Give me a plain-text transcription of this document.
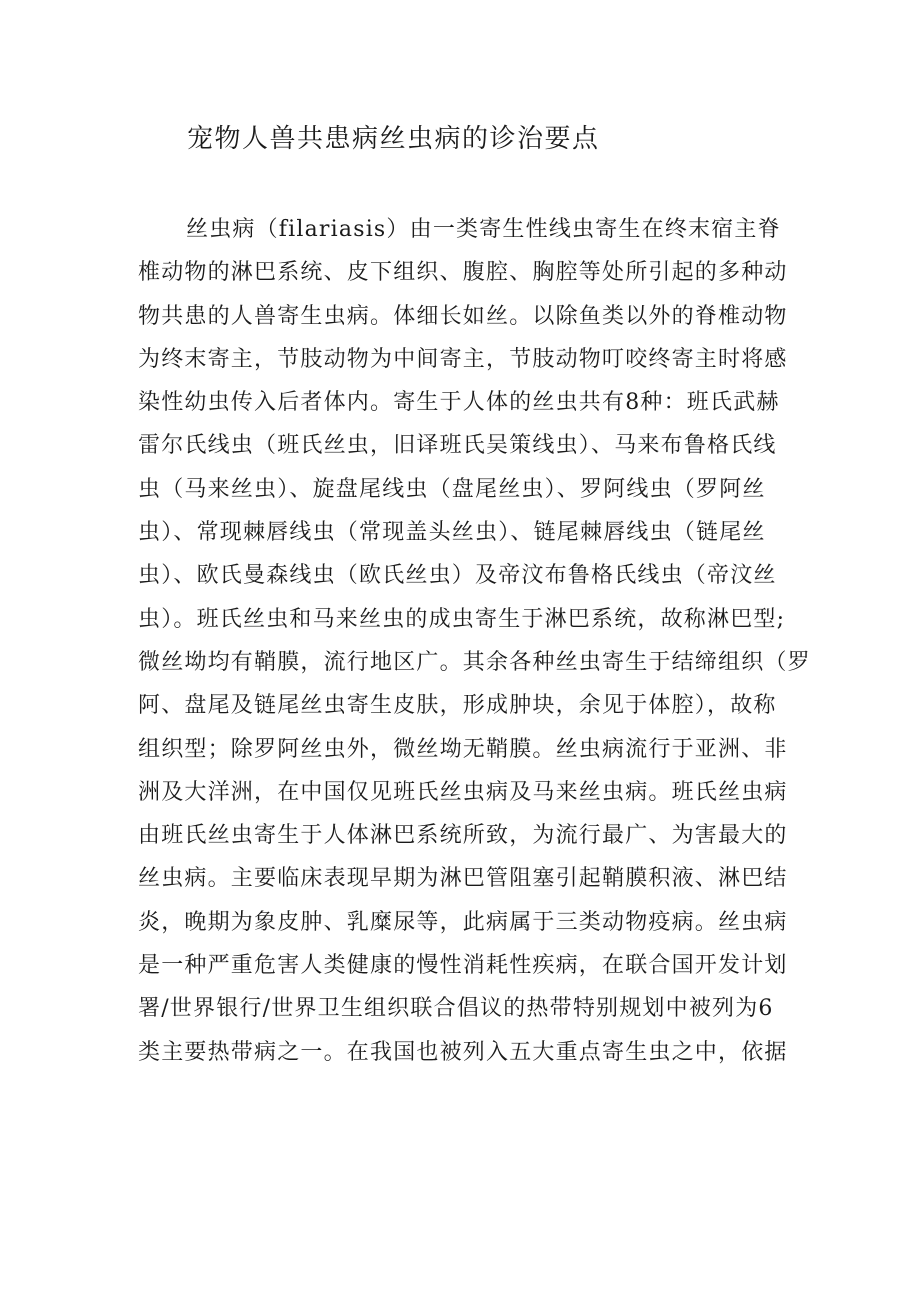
宠物人兽共患病丝虫病的诊治要点
丝虫病（filariasis）由一类寄生性线虫寄生在终末宿主脊
椎动物的淋巴系统、皮下组织、腹腔、胸腔等处所引起的多种动
物共患的人兽寄生虫病。体细长如丝。以除鱼类以外的脊椎动物
为终末寄主，节肢动物为中间寄主，节肢动物叮咬终寄主时将感
染性幼虫传入后者体内。寄生于人体的丝虫共有8种：班氏武赫
雷尔氏线虫（班氏丝虫，旧译班氏吴策线虫）、马来布鲁格氏线
虫（马来丝虫）、旋盘尾线虫（盘尾丝虫）、罗阿线虫（罗阿丝
虫）、常现棘唇线虫（常现盖头丝虫）、链尾棘唇线虫（链尾丝
虫）、欧氏曼森线虫（欧氏丝虫）及帝汶布鲁格氏线虫（帝汶丝
虫）。班氏丝虫和马来丝虫的成虫寄生于淋巴系统，故称淋巴型;
微丝坳均有鞘膜，流行地区广。其余各种丝虫寄生于结缔组织（罗
阿、盘尾及链尾丝虫寄生皮肤，形成肿块，余见于体腔），故称
组织型；除罗阿丝虫外，微丝坳无鞘膜。丝虫病流行于亚洲、非
洲及大洋洲，在中国仅见班氏丝虫病及马来丝虫病。班氏丝虫病
由班氏丝虫寄生于人体淋巴系统所致，为流行最广、为害最大的
丝虫病。主要临床表现早期为淋巴管阻塞引起鞘膜积液、淋巴结
炎，晚期为象皮肿、乳糜尿等，此病属于三类动物疫病。丝虫病
是一种严重危害人类健康的慢性消耗性疾病，在联合国开发计划
署/世界银行/世界卫生组织联合倡议的热带特别规划中被列为6
类主要热带病之一。在我国也被列入五大重点寄生虫之中，依据
